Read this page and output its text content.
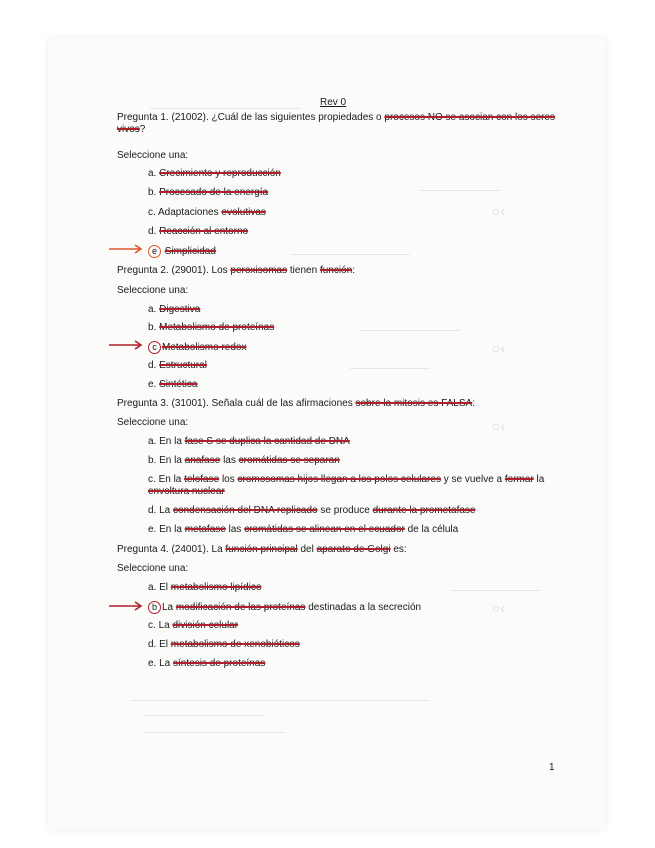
○‹
○‹
○‹
○‹
Rev 0
Pregunta 1. (21002). ¿Cuál de las siguientes propiedades o procesos NO se asocian con los seres vivos?
Seleccione una:
a. Crecimiento y reproducción
b. Procesado de la energía
c. Adaptaciones evolutivas
d. Reacción al entorno
e Simplicidad
Pregunta 2. (29001). Los peroxisomas tienen función:
Seleccione una:
a. Digestiva
b. Metabolismo de proteínas
c Metabolismo redox
d. Estructural
e. Sintética
Pregunta 3. (31001). Señala cuál de las afirmaciones sobre la mitosis es FALSA:
Seleccione una:
a. En la fase S se duplica la cantidad de DNA
b. En la anafase las cromátidas se separan
c. En la telofase los cromosomas hijos llegan a los polos celulares y se vuelve a formar la envoltura nuclear
d. La condensación del DNA replicado se produce durante la prometafase
e. En la metafase las cromátidas se alinean en el ecuador de la célula
Pregunta 4. (24001). La función principal del aparato de Golgi es:
Seleccione una:
a. El metabolismo lipídico
b La modificación de las proteínas destinadas a la secreción
c. La división celular
d. El metabolismo de xenobióticos
e. La síntesis de proteínas
1
